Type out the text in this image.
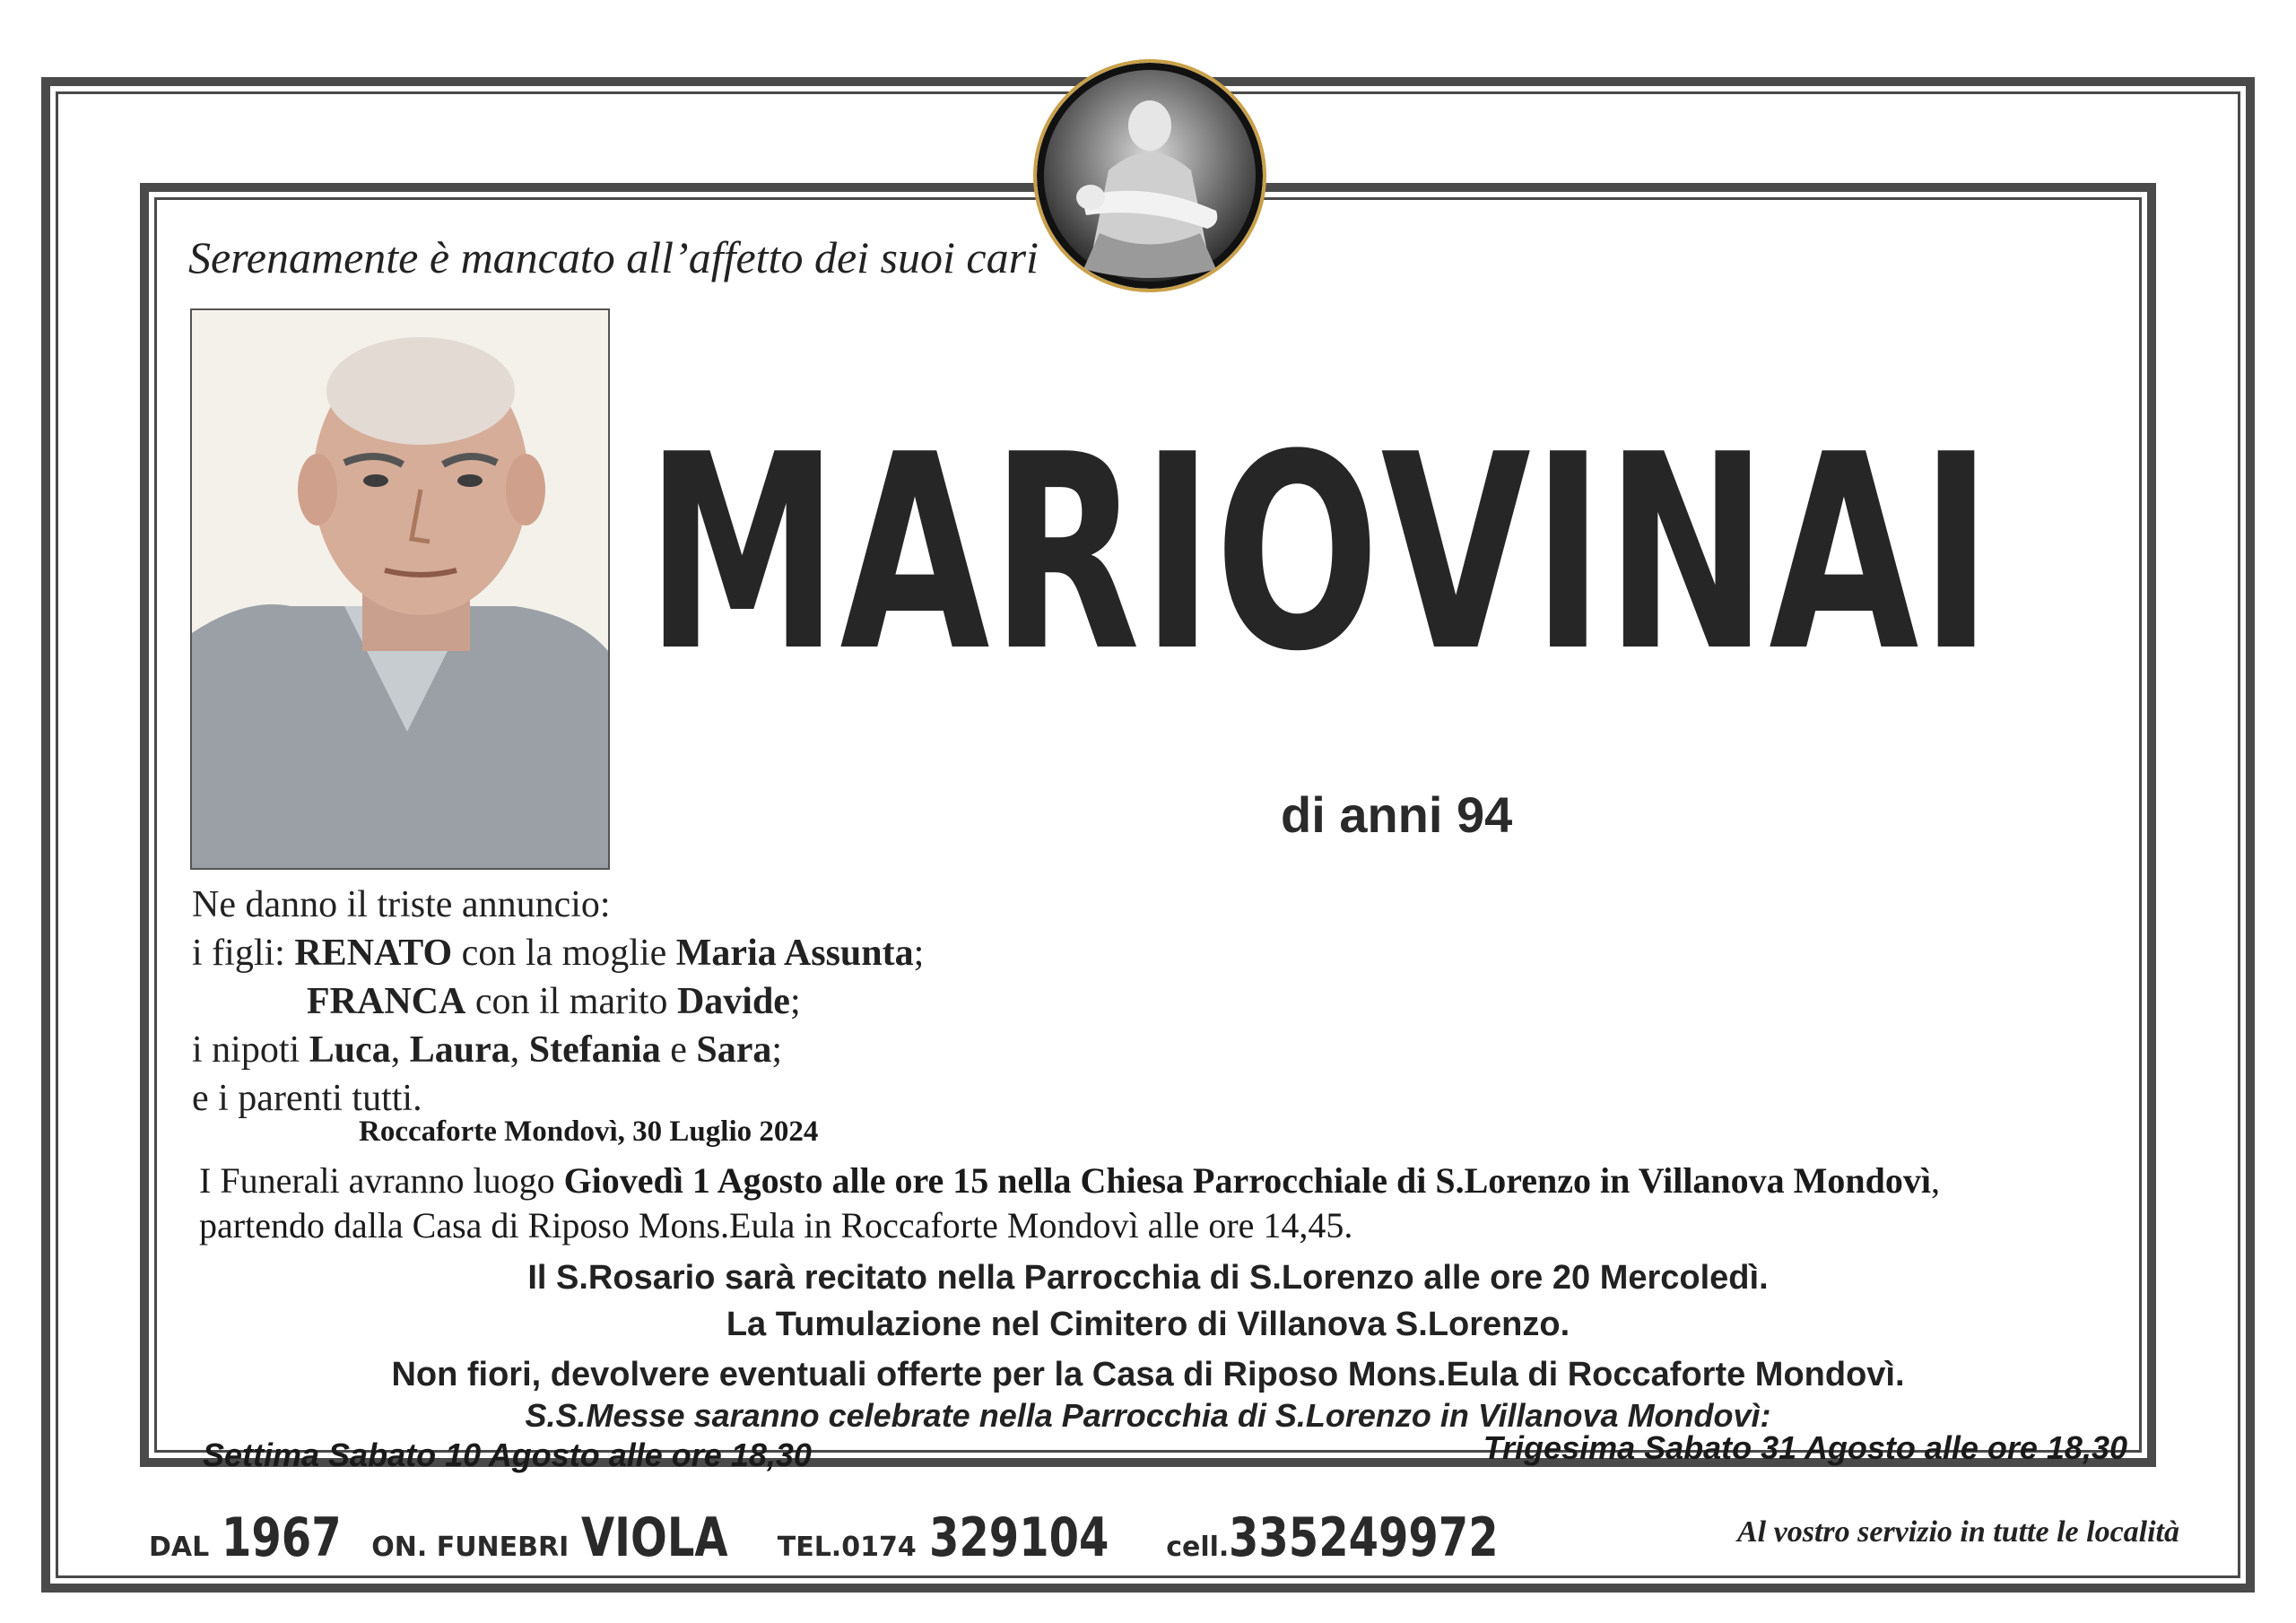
Serenamente è mancato all’affetto dei suoi cari
MARIO VINAI
di anni 94
Ne danno il triste annuncio:
i figli: RENATO con la moglie Maria Assunta;
FRANCA con il marito Davide;
i nipoti Luca, Laura, Stefania e Sara;
e i parenti tutti.
Roccaforte Mondovì, 30 Luglio 2024
I Funerali avranno luogo Giovedì 1 Agosto alle ore 15 nella Chiesa Parrocchiale di S.Lorenzo in Villanova Mondovì,
partendo dalla Casa di Riposo Mons.Eula in Roccaforte Mondovì alle ore 14,45.
Il S.Rosario sarà recitato nella Parrocchia di S.Lorenzo alle ore 20 Mercoledì.
La Tumulazione nel Cimitero di Villanova S.Lorenzo.
Non fiori, devolvere eventuali offerte per la Casa di Riposo Mons.Eula di Roccaforte Mondovì.
S.S.Messe saranno celebrate nella Parrocchia di S.Lorenzo in Villanova Mondovì:
Settima Sabato 10 Agosto alle ore 18,30	Trigesima Sabato 31 Agosto alle ore 18,30
DAL 1967 ON. FUNEBRI VIOLA TEL.0174 329104 cell. 335249972	Al vostro servizio in tutte le località
